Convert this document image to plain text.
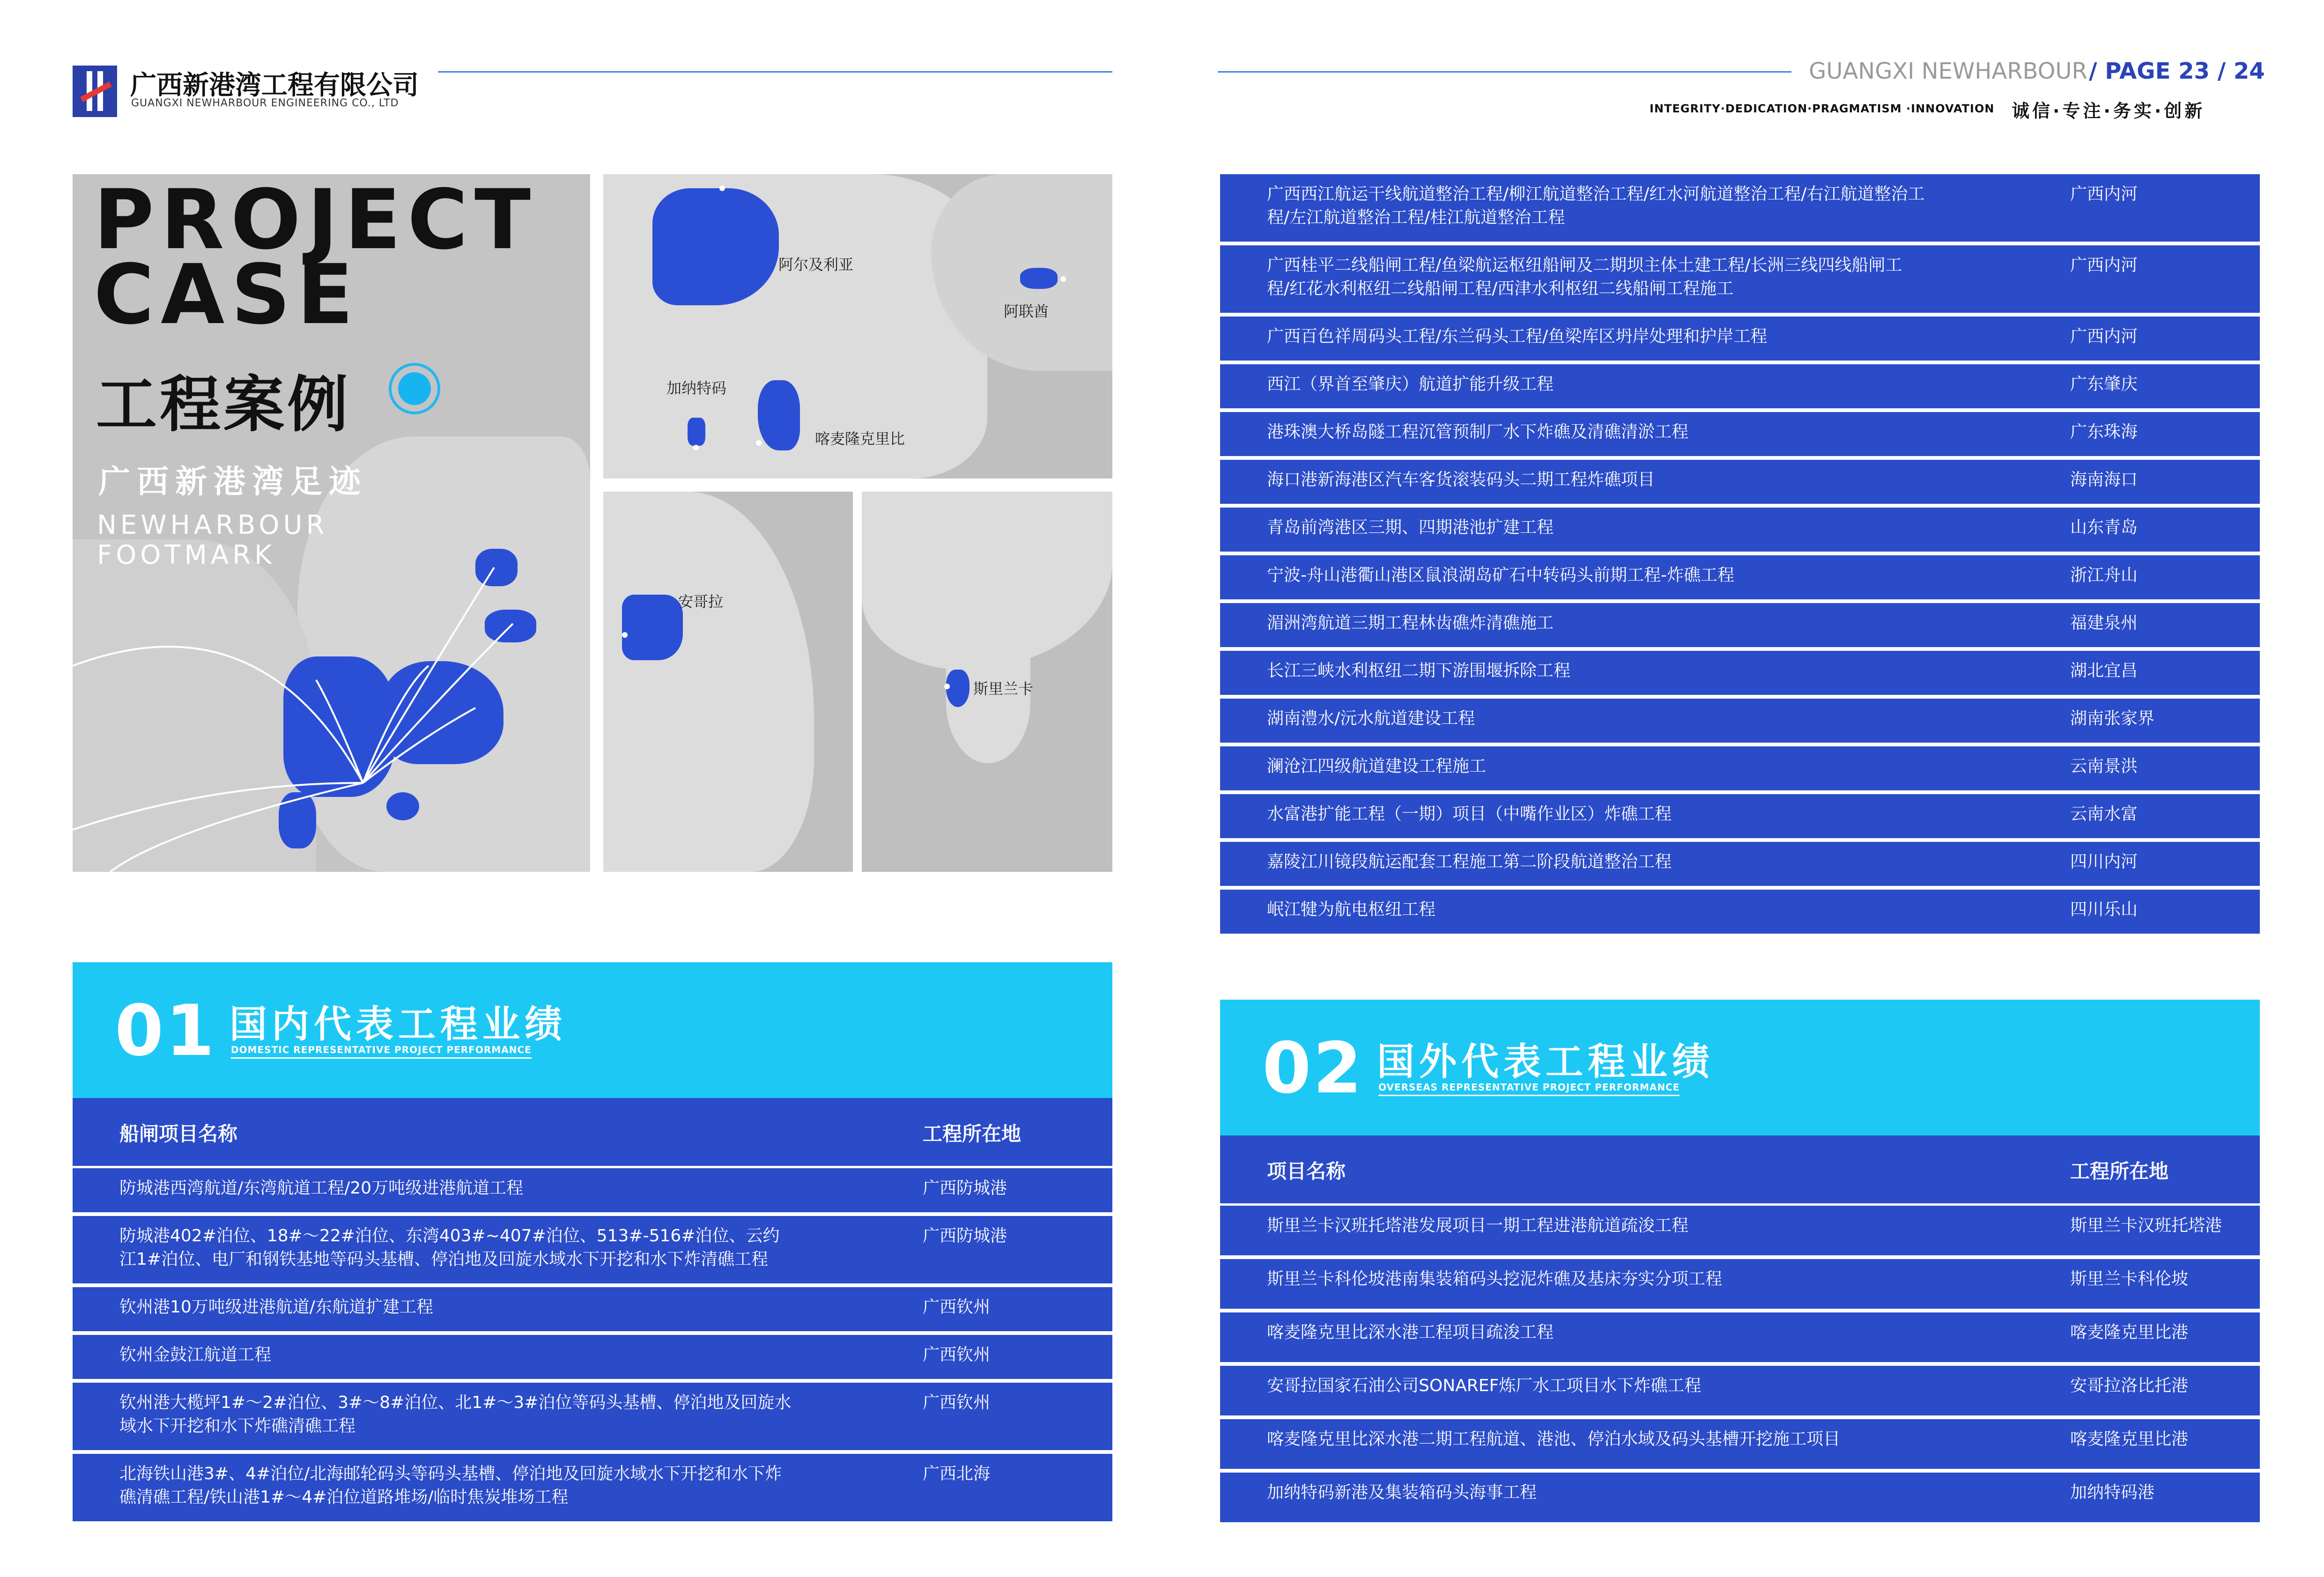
广西新港湾工程有限公司
GUANGXI NEWHARBOUR ENGINEERING CO., LTD
GUANGXI NEWHARBOUR / PAGE 23 / 24
INTEGRITY·DEDICATION·PRAGMATISM ·INNOVATION 诚信·专注·务实·创新
PROJECT
CASE
工程案例
广西新港湾足迹
NEWHARBOUR
FOOTMARK
阿尔及利亚
阿联酋
加纳特码
喀麦隆克里比
安哥拉
斯里兰卡
01 国内代表工程业绩
DOMESTIC REPRESENTATIVE PROJECT PERFORMANCE
船闸项目名称	工程所在地
防城港西湾航道/东湾航道工程/20万吨级进港航道工程	广西防城港
防城港402#泊位、18#～22#泊位、东湾403#~407#泊位、513#-516#泊位、云约
江1#泊位、电厂和钢铁基地等码头基槽、停泊地及回旋水域水下开挖和水下炸清礁工程
广西防城港
钦州港10万吨级进港航道/东航道扩建工程	广西钦州
钦州金鼓江航道工程	广西钦州
钦州港大榄坪1#～2#泊位、3#～8#泊位、北1#～3#泊位等码头基槽、停泊地及回旋水
域水下开挖和水下炸礁清礁工程
广西钦州
北海铁山港3#、4#泊位/北海邮轮码头等码头基槽、停泊地及回旋水域水下开挖和水下炸
礁清礁工程/铁山港1#～4#泊位道路堆场/临时焦炭堆场工程
广西北海
广西西江航运干线航道整治工程/柳江航道整治工程/红水河航道整治工程/右江航道整治工
程/左江航道整治工程/桂江航道整治工程
广西内河
广西桂平二线船闸工程/鱼梁航运枢纽船闸及二期坝主体土建工程/长洲三线四线船闸工
程/红花水利枢纽二线船闸工程/西津水利枢纽二线船闸工程施工
广西内河
广西百色祥周码头工程/东兰码头工程/鱼梁库区坍岸处理和护岸工程	广西内河
西江（界首至肇庆）航道扩能升级工程	广东肇庆
港珠澳大桥岛隧工程沉管预制厂水下炸礁及清礁清淤工程	广东珠海
海口港新海港区汽车客货滚装码头二期工程炸礁项目	海南海口
青岛前湾港区三期、四期港池扩建工程	山东青岛
宁波-舟山港衢山港区鼠浪湖岛矿石中转码头前期工程-炸礁工程	浙江舟山
湄洲湾航道三期工程林齿礁炸清礁施工	福建泉州
长江三峡水利枢纽二期下游围堰拆除工程	湖北宜昌
湖南澧水/沅水航道建设工程	湖南张家界
澜沧江四级航道建设工程施工	云南景洪
水富港扩能工程（一期）项目（中嘴作业区）炸礁工程	云南水富
嘉陵江川镜段航运配套工程施工第二阶段航道整治工程	四川内河
岷江犍为航电枢纽工程	四川乐山
02 国外代表工程业绩
OVERSEAS REPRESENTATIVE PROJECT PERFORMANCE
项目名称	工程所在地
斯里兰卡汉班托塔港发展项目一期工程进港航道疏浚工程	斯里兰卡汉班托塔港
斯里兰卡科伦坡港南集装箱码头挖泥炸礁及基床夯实分项工程	斯里兰卡科伦坡
喀麦隆克里比深水港工程项目疏浚工程	喀麦隆克里比港
安哥拉国家石油公司SONAREF炼厂水工项目水下炸礁工程	安哥拉洛比托港
喀麦隆克里比深水港二期工程航道、港池、停泊水域及码头基槽开挖施工项目	喀麦隆克里比港
加纳特码新港及集装箱码头海事工程	加纳特码港
